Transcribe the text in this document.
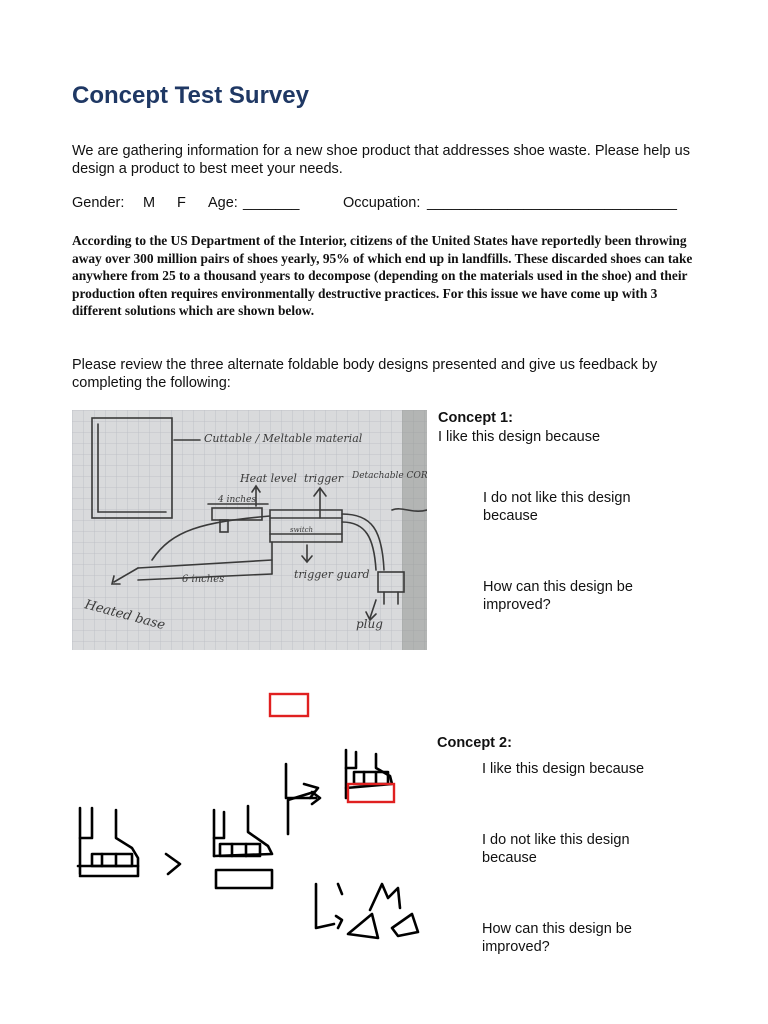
Concept Test Survey
We are gathering information for a new shoe product that addresses shoe waste. Please help us design a product to best meet your needs.

Gender:

M

F

Age:

_______

	Occupation:

_______________________________

According to the US Department of the Interior, citizens of the United States have reportedly been throwing away over 300 million pairs of shoes yearly, 95% of which end up in landfills. These discarded shoes can take anywhere from 25 to a thousand years to decompose (depending on the materials used in the shoe) and their production often requires environmentally destructive practices. For this issue we have come up with 3 different solutions which are shown below.
Please review the three alternate foldable body designs presented and give us feedback by completing the following:
Cuttable / Meltable material
Heat level trigger Detachable CORD
4 inches
6 inches	trigger guard
Heated base	plug
switch
Concept 1:
I like this design because
I do not like this design because
How can this design be improved?
Concept 2:
I like this design because
I do not like this design because
How can this design be improved?
